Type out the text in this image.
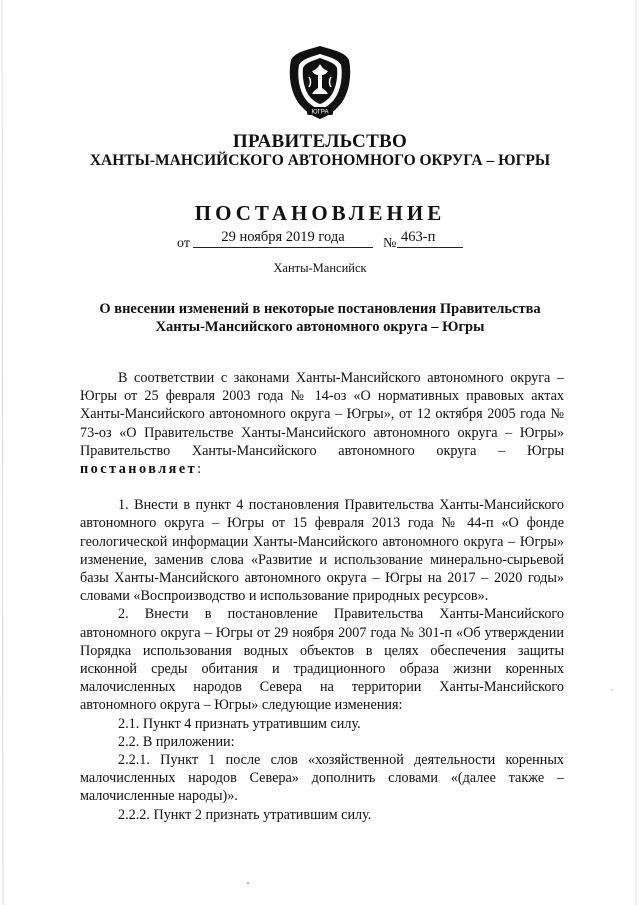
ЮГРА
ПРАВИТЕЛЬСТВО
ХАНТЫ-МАНСИЙСКОГО АВТОНОМНОГО ОКРУГА – ЮГРЫ
ПОСТАНОВЛЕНИЕ
от	29 ноября 2019 года	№ 463-п
Ханты-Мансийск
О внесении изменений в некоторые постановления Правительства
Ханты-Мансийского автономного округа – Югры

В соответствии с законами Ханты-Мансийского автономного округа – Югры от 25 февраля 2003 года № 14-оз «О нормативных правовых актах Ханты-Мансийского автономного округа – Югры», от 12 октября 2005 года № 73-оз «О Правительстве Ханты-Мансийского автономного округа – Югры» Правительство Ханты-Мансийского автономного округа – Югры постановляет:

1. Внести в пункт 4 постановления Правительства Ханты-Мансийского автономного округа – Югры от 15 февраля 2013 года № 44-п «О фонде геологической информации Ханты-Мансийского автономного округа – Югры» изменение, заменив слова «Развитие и использование минерально-сырьевой базы Ханты-Мансийского автономного округа – Югры на 2017 – 2020 годы» словами «Воспроизводство и использование природных ресурсов».

2. Внести в постановление Правительства Ханты-Мансийского автономного округа – Югры от 29 ноября 2007 года № 301-п «Об утверждении Порядка использования водных объектов в целях обеспечения защиты исконной среды обитания и традиционного образа жизни коренных малочисленных народов Севера на территории Ханты-Мансийского автономного округа – Югры» следующие изменения:

2.1. Пункт 4 признать утратившим силу.

2.2. В приложении:

2.2.1. Пункт 1 после слов «хозяйственной деятельности коренных малочисленных народов Севера» дополнить словами «(далее также – малочисленные народы)».

2.2.2. Пункт 2 признать утратившим силу.
